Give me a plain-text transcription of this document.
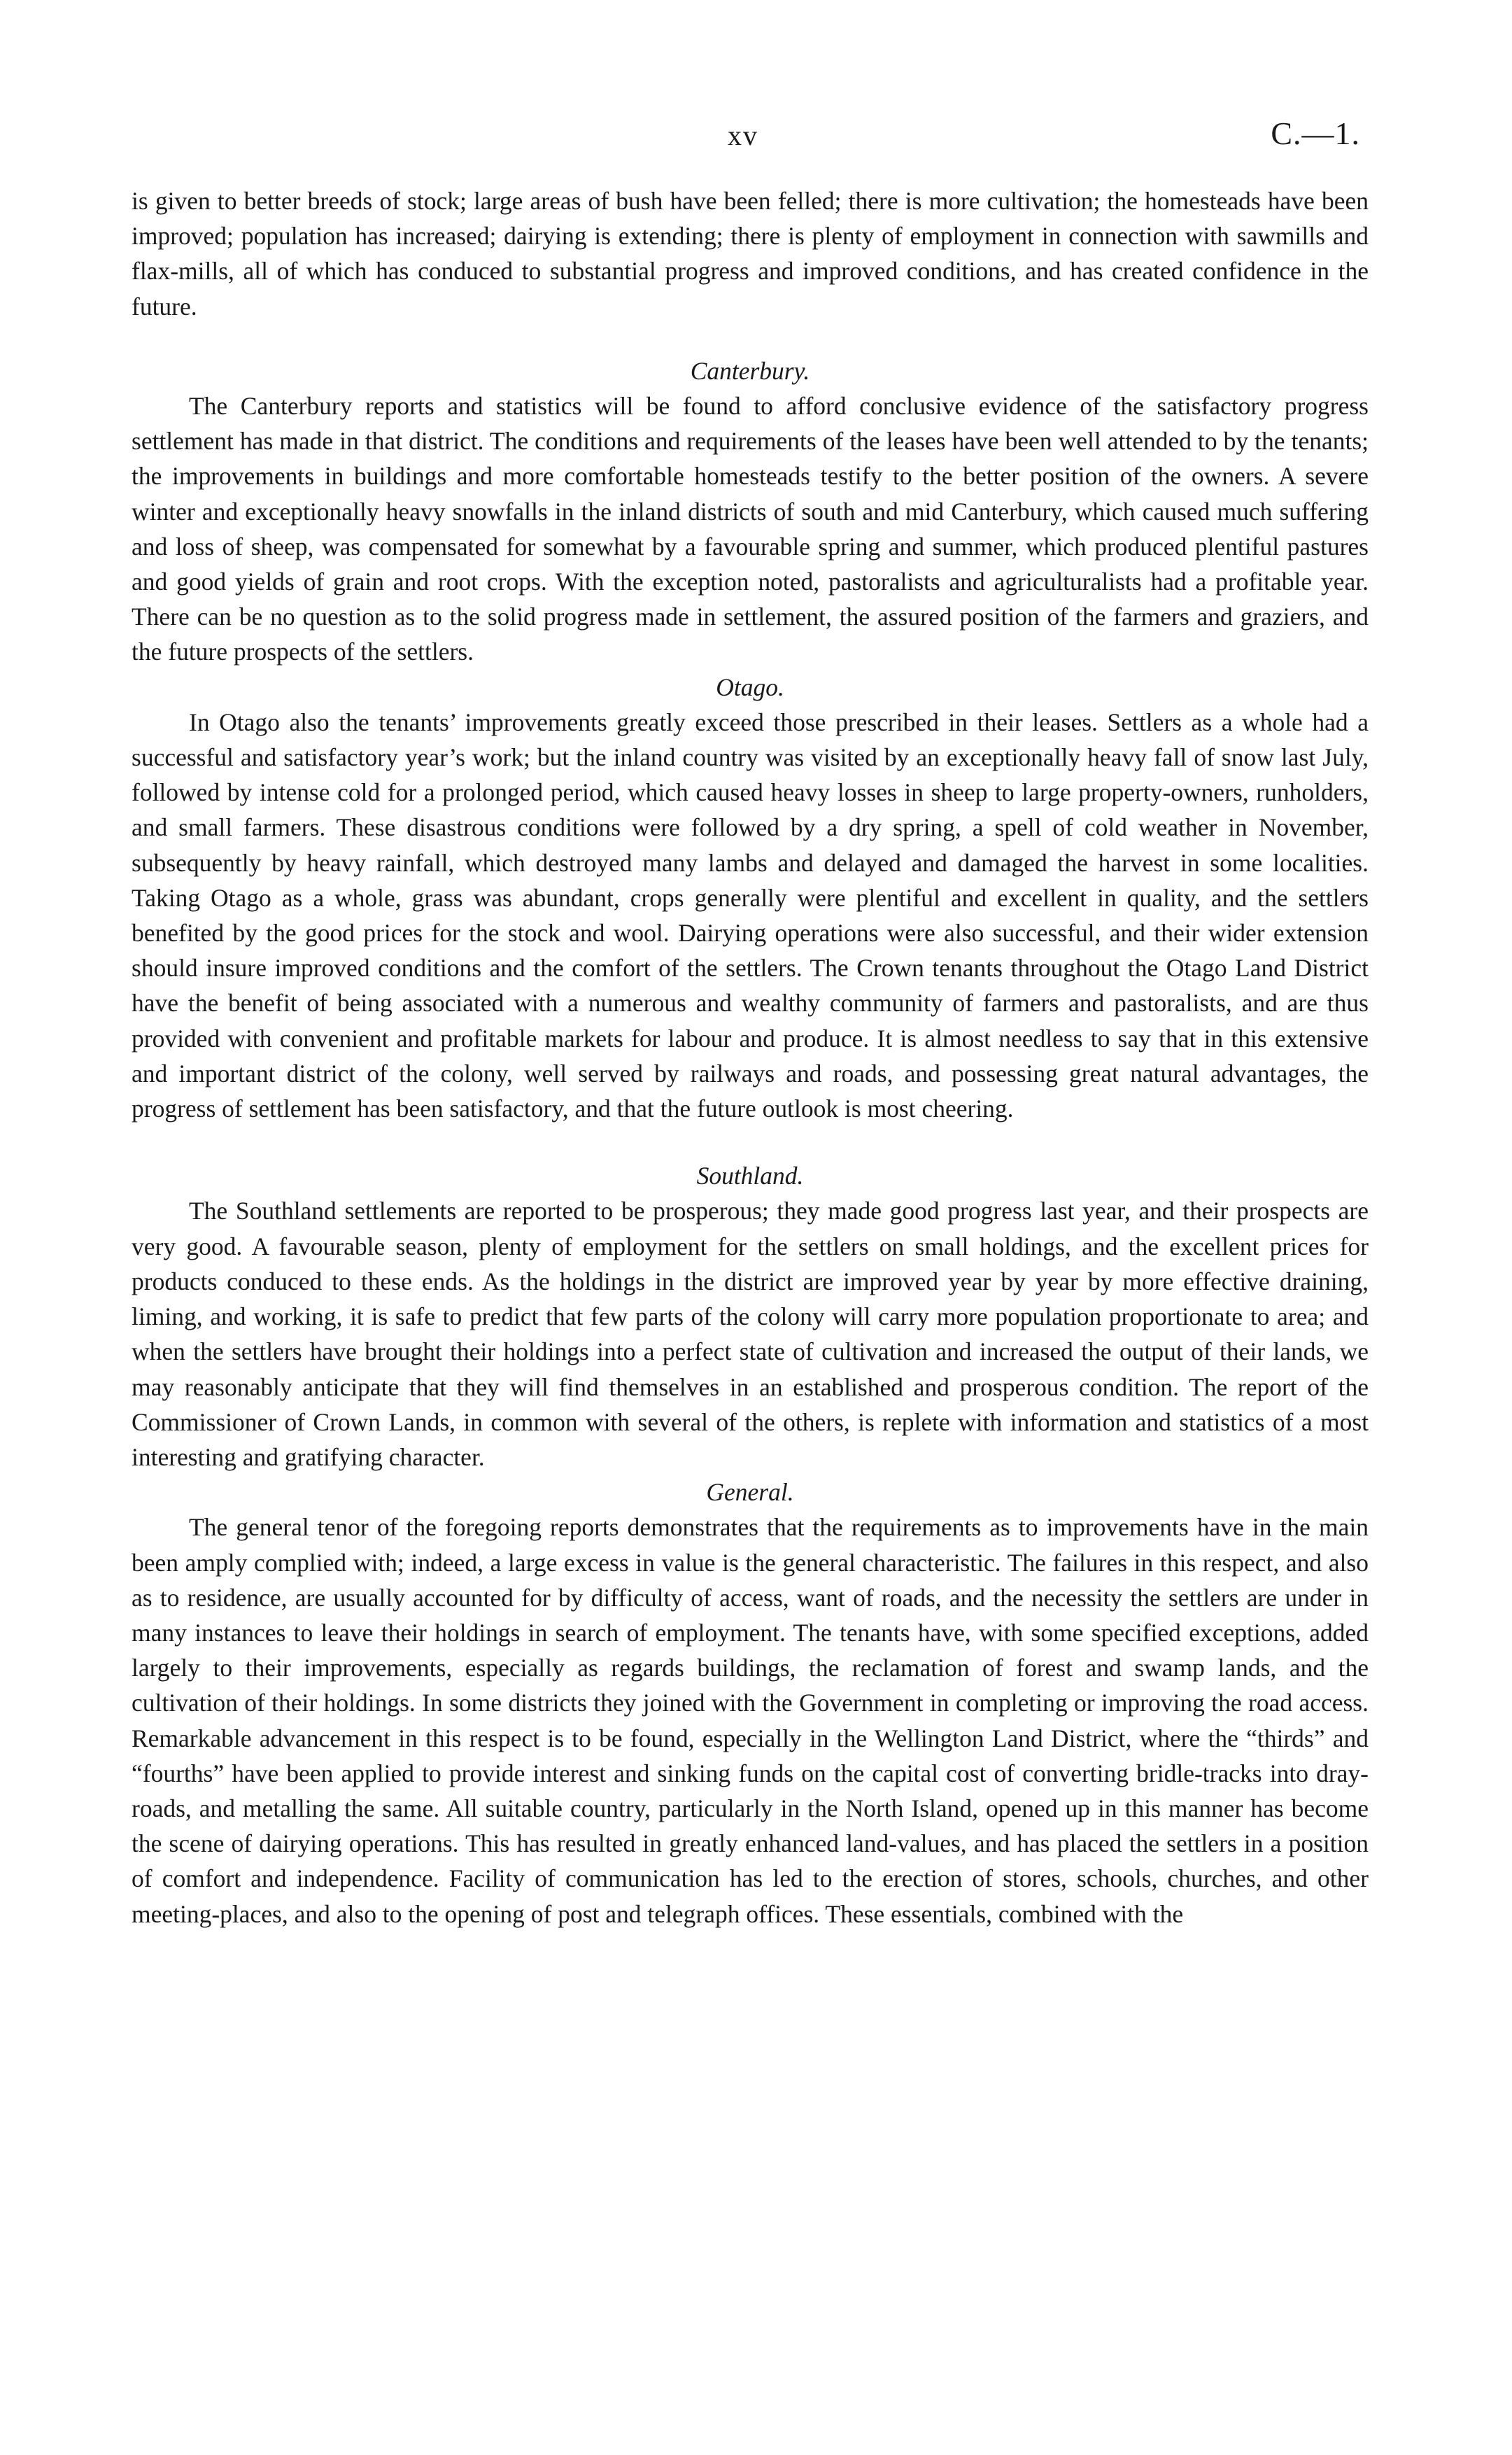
xv	C.—1.

is given to better breeds of stock; large areas of bush have been felled; there is more cultivation; the homesteads have been improved; population has increased; dairying is extending; there is plenty of employment in connection with sawmills and flax-mills, all of which has conduced to substantial progress and improved conditions, and has created confidence in the future.

Canterbury.

The Canterbury reports and statistics will be found to afford conclusive evidence of the satisfactory progress settlement has made in that district. The conditions and requirements of the leases have been well attended to by the tenants; the improvements in buildings and more comfortable homesteads testify to the better position of the owners. A severe winter and exceptionally heavy snowfalls in the inland districts of south and mid Canterbury, which caused much suffering and loss of sheep, was compensated for somewhat by a favourable spring and summer, which produced plentiful pastures and good yields of grain and root crops. With the exception noted, pastoralists and agriculturalists had a profitable year. There can be no question as to the solid progress made in settlement, the assured position of the farmers and graziers, and the future prospects of the settlers.

Otago.

In Otago also the tenants’ improvements greatly exceed those prescribed in their leases. Settlers as a whole had a successful and satisfactory year’s work; but the inland country was visited by an exceptionally heavy fall of snow last July, followed by intense cold for a prolonged period, which caused heavy losses in sheep to large property-owners, runholders, and small farmers. These disastrous conditions were followed by a dry spring, a spell of cold weather in November, subsequently by heavy rainfall, which destroyed many lambs and delayed and damaged the harvest in some localities. Taking Otago as a whole, grass was abundant, crops generally were plentiful and excellent in quality, and the settlers benefited by the good prices for the stock and wool. Dairying operations were also successful, and their wider extension should insure improved conditions and the comfort of the settlers. The Crown tenants throughout the Otago Land District have the benefit of being associated with a numerous and wealthy community of farmers and pastoralists, and are thus provided with convenient and profitable markets for labour and produce. It is almost needless to say that in this extensive and important district of the colony, well served by railways and roads, and possessing great natural advantages, the progress of settlement has been satisfactory, and that the future outlook is most cheering.

Southland.

The Southland settlements are reported to be prosperous; they made good progress last year, and their prospects are very good. A favourable season, plenty of employment for the settlers on small holdings, and the excellent prices for products conduced to these ends. As the holdings in the district are improved year by year by more effective draining, liming, and working, it is safe to predict that few parts of the colony will carry more population proportionate to area; and when the settlers have brought their holdings into a perfect state of cultivation and increased the output of their lands, we may reasonably anticipate that they will find themselves in an established and prosperous condition. The report of the Commissioner of Crown Lands, in common with several of the others, is replete with information and statistics of a most interesting and gratifying character.

General.

The general tenor of the foregoing reports demonstrates that the requirements as to improvements have in the main been amply complied with; indeed, a large excess in value is the general characteristic. The failures in this respect, and also as to residence, are usually accounted for by difficulty of access, want of roads, and the necessity the settlers are under in many instances to leave their holdings in search of employment. The tenants have, with some specified exceptions, added largely to their improvements, especially as regards buildings, the reclamation of forest and swamp lands, and the cultivation of their holdings. In some districts they joined with the Government in completing or improving the road access. Remarkable advancement in this respect is to be found, especially in the Wellington Land District, where the “thirds” and “fourths” have been applied to provide interest and sinking funds on the capital cost of converting bridle-tracks into dray-roads, and metalling the same. All suitable country, particularly in the North Island, opened up in this manner has become the scene of dairying operations. This has resulted in greatly enhanced land-values, and has placed the settlers in a position of comfort and independence. Facility of communication has led to the erection of stores, schools, churches, and other meeting-places, and also to the opening of post and telegraph offices. These essentials, combined with the
